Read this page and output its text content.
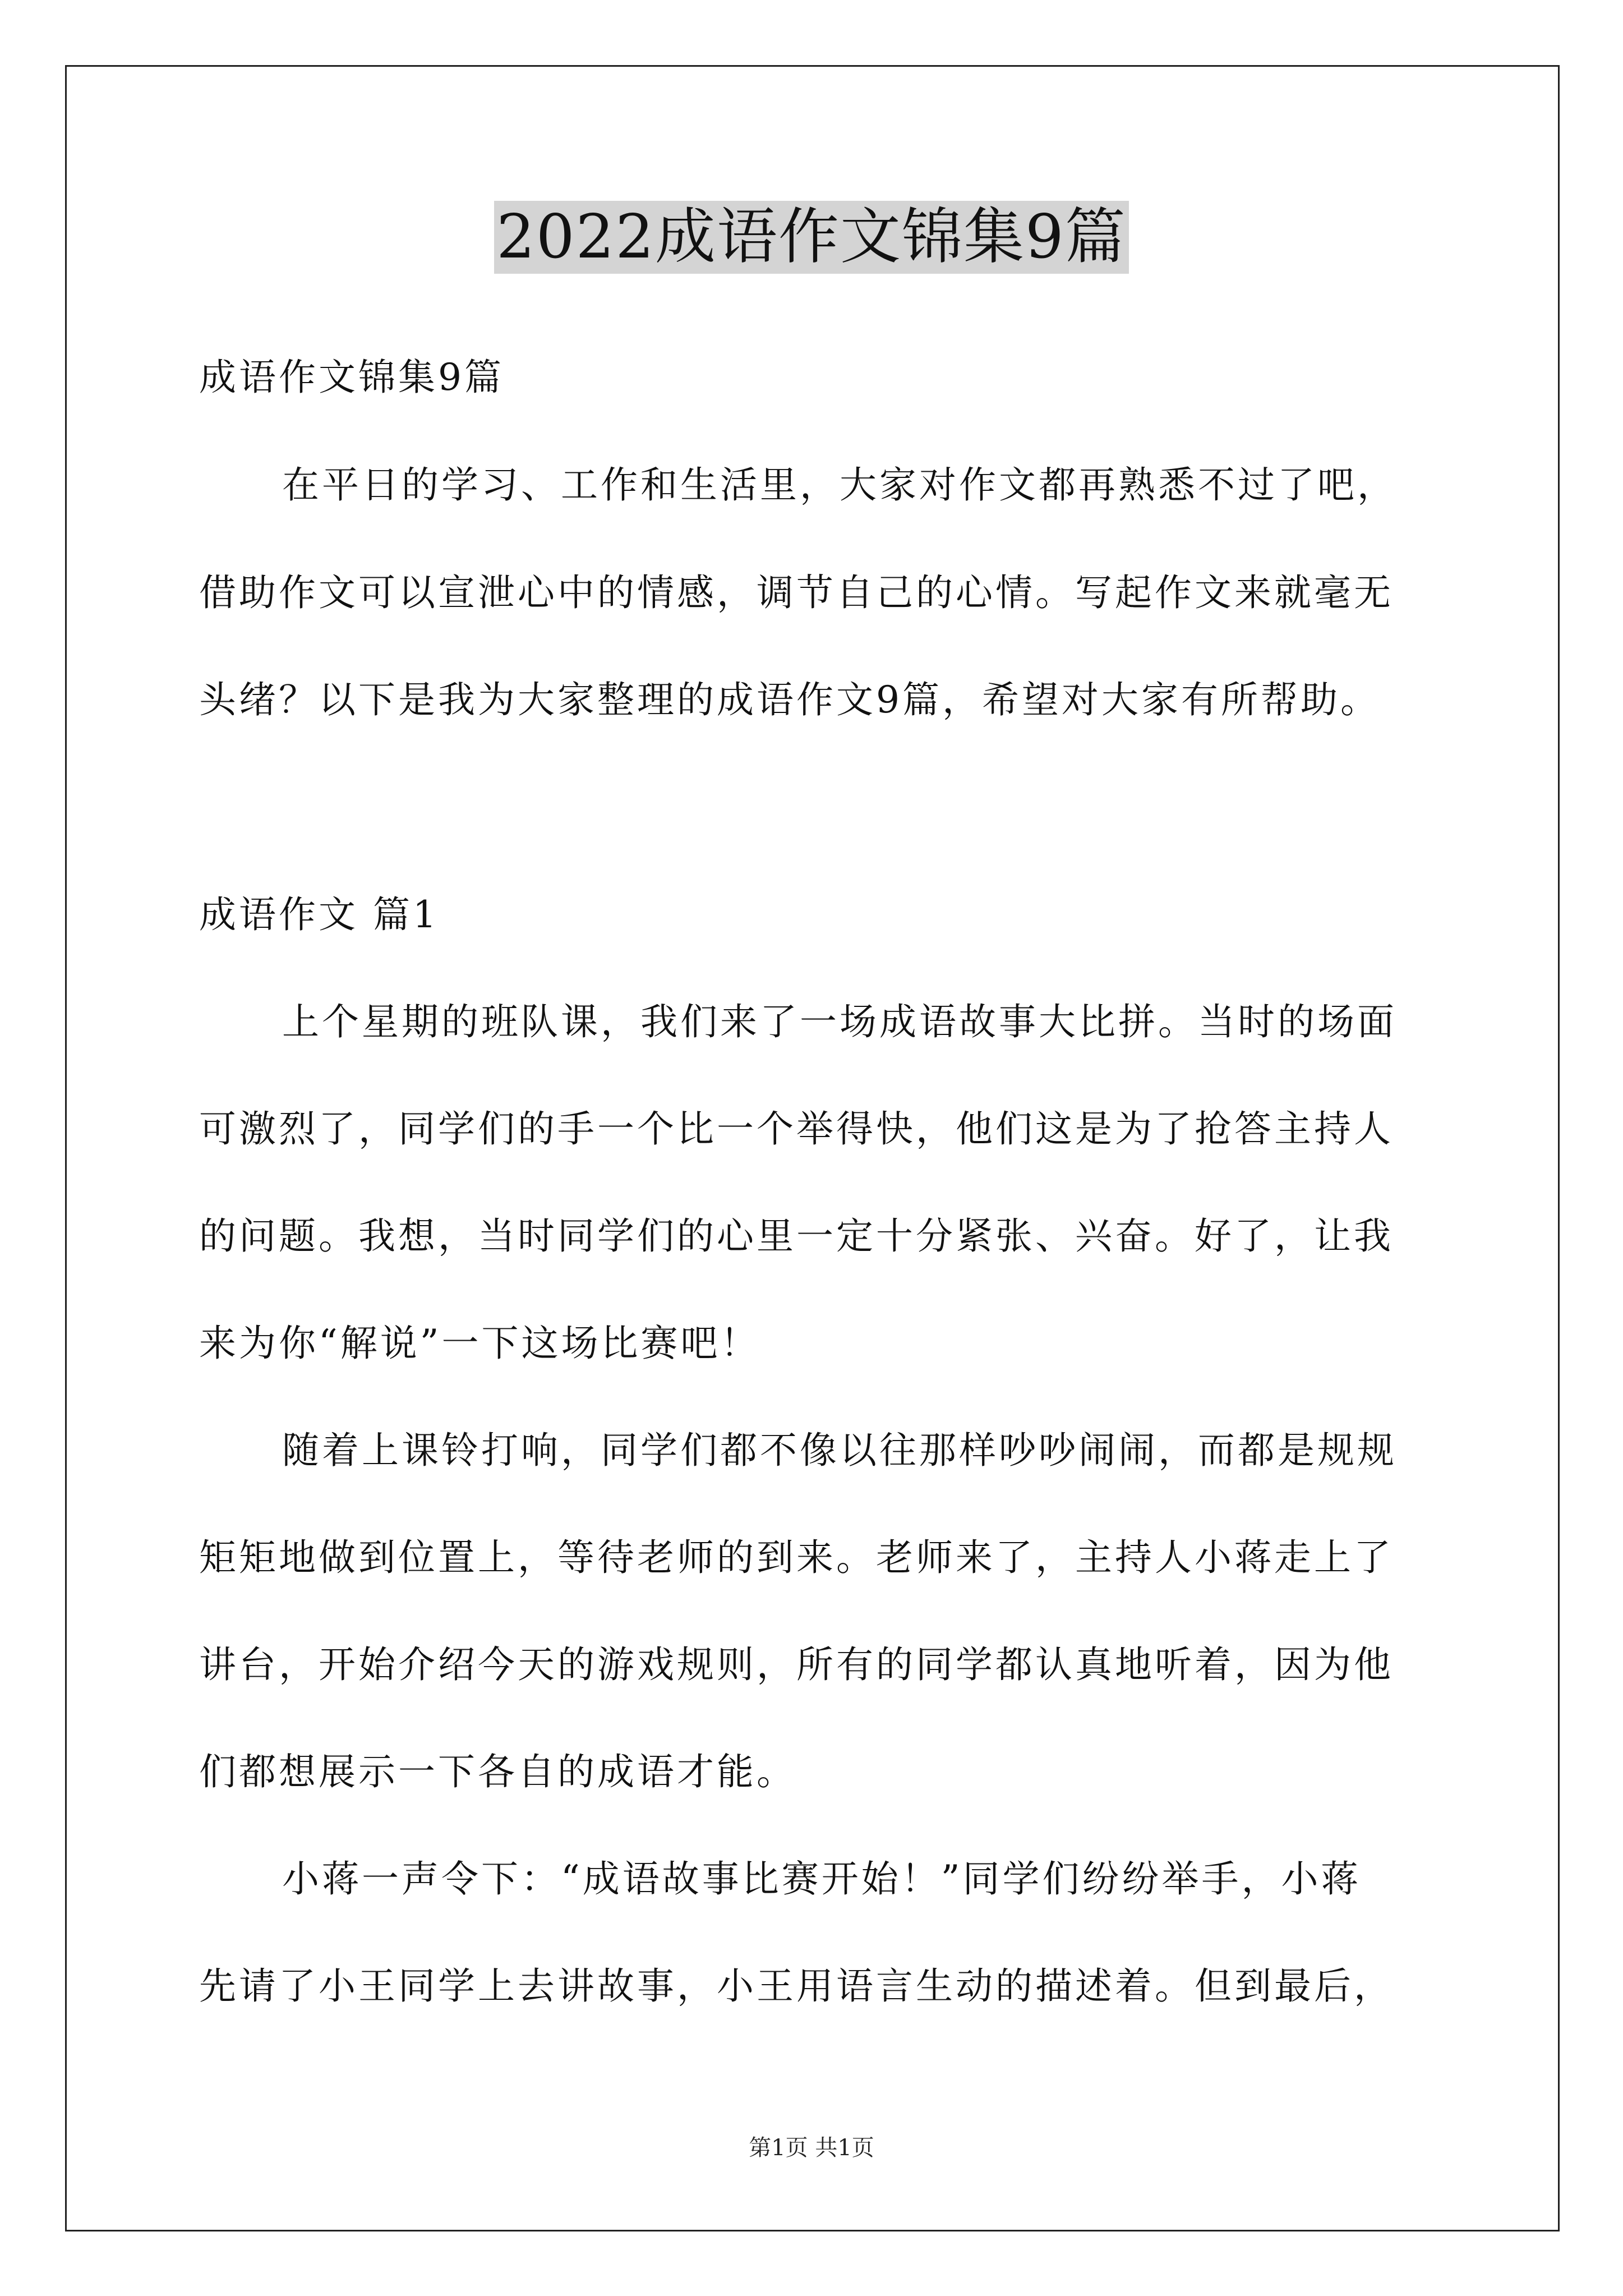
2022成语作文锦集9篇
成语作文锦集9篇
在平日的学习、工作和生活里，大家对作文都再熟悉不过了吧，
借助作文可以宣泄心中的情感，调节自己的心情。写起作文来就毫无
头绪？以下是我为大家整理的成语作文9篇，希望对大家有所帮助。
成语作文 篇1
上个星期的班队课，我们来了一场成语故事大比拼。当时的场面
可激烈了，同学们的手一个比一个举得快，他们这是为了抢答主持人
的问题。我想，当时同学们的心里一定十分紧张、兴奋。好了，让我
来为你“解说”一下这场比赛吧！
随着上课铃打响，同学们都不像以往那样吵吵闹闹，而都是规规
矩矩地做到位置上，等待老师的到来。老师来了，主持人小蒋走上了
讲台，开始介绍今天的游戏规则，所有的同学都认真地听着，因为他
们都想展示一下各自的成语才能。
小蒋一声令下：“成语故事比赛开始！”同学们纷纷举手，小蒋
先请了小王同学上去讲故事，小王用语言生动的描述着。但到最后，
第1页 共1页
